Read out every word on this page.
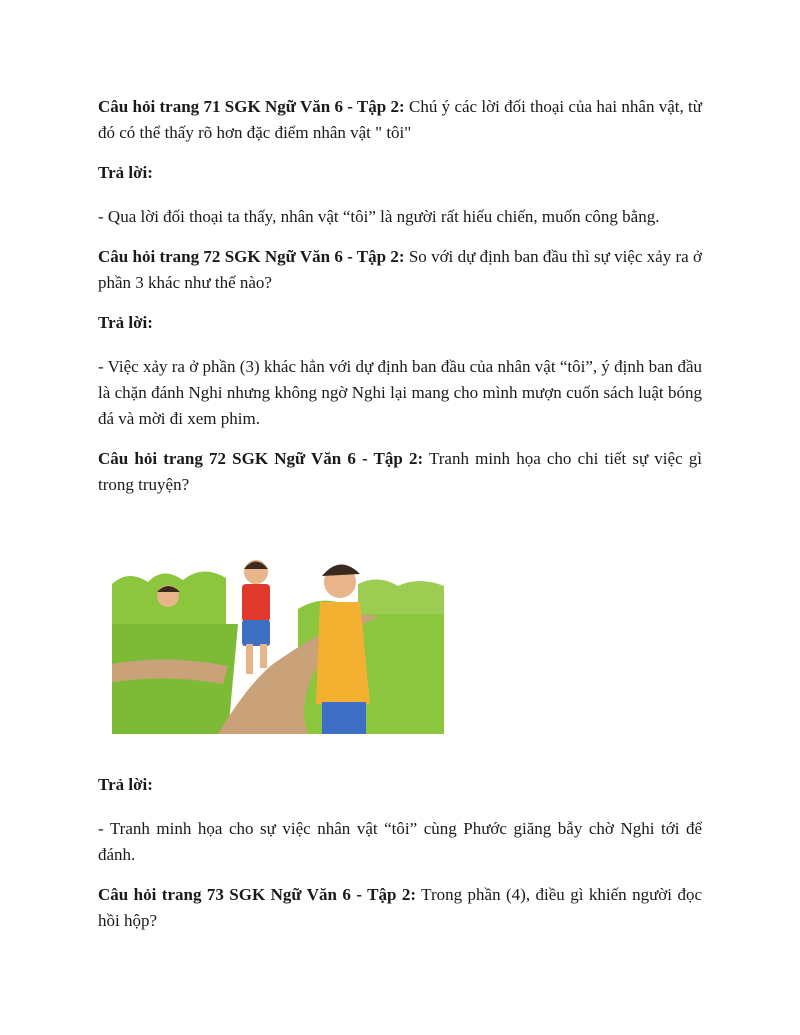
Câu hỏi trang 71 SGK Ngữ Văn 6 - Tập 2: Chú ý các lời đối thoại của hai nhân vật, từ đó có thể thấy rõ hơn đặc điểm nhân vật " tôi"

Trả lời:

- Qua lời đối thoại ta thấy, nhân vật “tôi” là người rất hiếu chiến, muốn công bằng.

Câu hỏi trang 72 SGK Ngữ Văn 6 - Tập 2: So với dự định ban đầu thì sự việc xảy ra ở phần 3 khác như thế nào?

Trả lời:

- Việc xảy ra ở phần (3) khác hẳn với dự định ban đầu của nhân vật “tôi”, ý định ban đầu là chặn đánh Nghi nhưng không ngờ Nghi lại mang cho mình mượn cuốn sách luật bóng đá và mời đi xem phim.

Câu hỏi trang 72 SGK Ngữ Văn 6 - Tập 2: Tranh minh họa cho chi tiết sự việc gì trong truyện?

Trả lời:

- Tranh minh họa cho sự việc nhân vật “tôi” cùng Phước giăng bẫy chờ Nghi tới để đánh.

Câu hỏi trang 73 SGK Ngữ Văn 6 - Tập 2: Trong phần (4), điều gì khiến người đọc hồi hộp?
